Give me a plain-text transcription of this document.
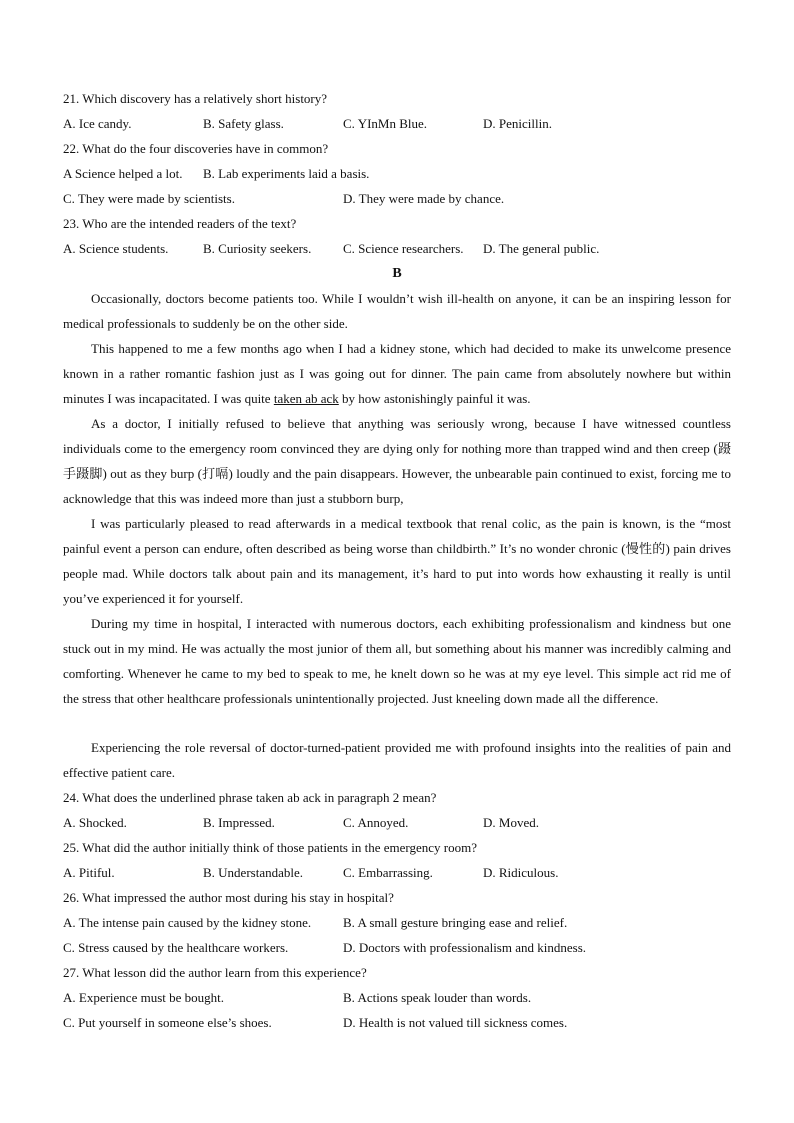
21. Which discovery has a relatively short history?
A. Ice candy.	B. Safety glass.	C. YInMn Blue.	D. Penicillin.
22. What do the four discoveries have in common?
A Science helped a lot. B. Lab experiments laid a basis.
C. They were made by scientists.	D. They were made by chance.
23. Who are the intended readers of the text?
A. Science students.	B. Curiosity seekers. C. Science researchers. D. The general public.
B

Occasionally, doctors become patients too. While I wouldn’t wish ill-health on anyone, it can be an inspiring lesson for medical professionals to suddenly be on the other side.

This happened to me a few months ago when I had a kidney stone, which had decided to make its unwelcome presence known in a rather romantic fashion just as I was going out for dinner. The pain came from absolutely nowhere but within minutes I was incapacitated. I was quite taken ab ack by how astonishingly painful it was.

As a doctor, I initially refused to believe that anything was seriously wrong, because I have witnessed countless individuals come to the emergency room convinced they are dying only for nothing more than trapped wind and then creep (蹑手蹑脚) out as they burp (打嗝) loudly and the pain disappears. However, the unbearable pain continued to exist, forcing me to acknowledge that this was indeed more than just a stubborn burp,

I was particularly pleased to read afterwards in a medical textbook that renal colic, as the pain is known, is the “most painful event a person can endure, often described as being worse than childbirth.” It’s no wonder chronic (慢性的) pain drives people mad. While doctors talk about pain and its management, it’s hard to put into words how exhausting it really is until you’ve experienced it for yourself.

During my time in hospital, I interacted with numerous doctors, each exhibiting professionalism and kindness but one stuck out in my mind. He was actually the most junior of them all, but something about his manner was incredibly calming and comforting. Whenever he came to my bed to speak to me, he knelt down so he was at my eye level. This simple act rid me of the stress that other healthcare professionals unintentionally projected. Just kneeling down made all the difference.

Experiencing the role reversal of doctor-turned-patient provided me with profound insights into the realities of pain and effective patient care.

24. What does the underlined phrase taken ab ack in paragraph 2 mean?
A. Shocked.	B. Impressed.	C. Annoyed.	D. Moved.
25. What did the author initially think of those patients in the emergency room?
A. Pitiful.	B. Understandable.	C. Embarrassing.	D. Ridiculous.
26. What impressed the author most during his stay in hospital?
A. The intense pain caused by the kidney stone. B. A small gesture bringing ease and relief.
C. Stress caused by the healthcare workers.	D. Doctors with professionalism and kindness.
27. What lesson did the author learn from this experience?
A. Experience must be bought.	B. Actions speak louder than words.
C. Put yourself in someone else’s shoes.	D. Health is not valued till sickness comes.
